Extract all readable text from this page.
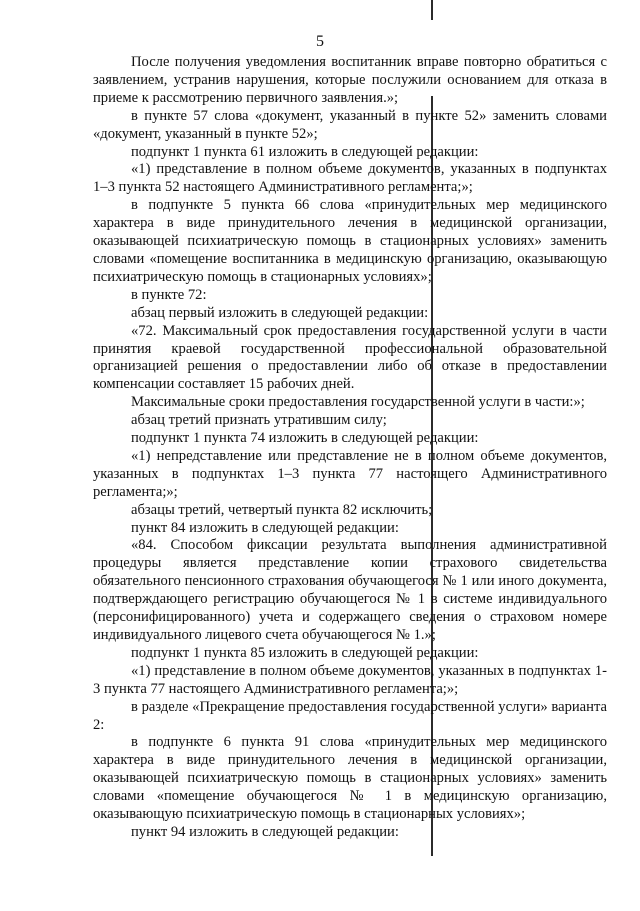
5

После получения уведомления воспитанник вправе повторно обратиться с заявлением, устранив нарушения, которые послужили основанием для отказа в приеме к рассмотрению первичного заявления.»;

в пункте 57 слова «документ, указанный в пункте 52» заменить словами «документ, указанный в пункте 52»;

подпункт 1 пункта 61 изложить в следующей редакции:

«1) представление в полном объеме документов, указанных в подпунктах 1–3 пункта 52 настоящего Административного регламента;»;

в подпункте 5 пункта 66 слова «принудительных мер медицинского характера в виде принудительного лечения в медицинской организации, оказывающей психиатрическую помощь в стационарных условиях» заменить словами «помещение воспитанника в медицинскую организацию, оказывающую психиатрическую помощь в стационарных условиях»;

в пункте 72:

абзац первый изложить в следующей редакции:

«72. Максимальный срок предоставления государственной услуги в части принятия краевой государственной профессиональной образовательной организацией решения о предоставлении либо об отказе в предоставлении компенсации составляет 15 рабочих дней.

Максимальные сроки предоставления государственной услуги в части:»;

абзац третий признать утратившим силу;

подпункт 1 пункта 74 изложить в следующей редакции:

«1) непредставление или представление не в полном объеме документов, указанных в подпунктах 1–3 пункта 77 настоящего Административного регламента;»;

абзацы третий, четвертый пункта 82 исключить;

пункт 84 изложить в следующей редакции:

«84. Способом фиксации результата выполнения административной процедуры является представление копии страхового свидетельства обязательного пенсионного страхования обучающегося № 1 или иного документа, подтверждающего регистрацию обучающегося № 1 в системе индивидуального (персонифицированного) учета и содержащего сведения о страховом номере индивидуального лицевого счета обучающегося № 1.»;

подпункт 1 пункта 85 изложить в следующей редакции:

«1) представление в полном объеме документов, указанных в подпунктах 1-3 пункта 77 настоящего Административного регламента;»;

в разделе «Прекращение предоставления государственной услуги» варианта 2:

в подпункте 6 пункта 91 слова «принудительных мер медицинского характера в виде принудительного лечения в медицинской организации, оказывающей психиатрическую помощь в стационарных условиях» заменить словами «помещение обучающегося № 1 в медицинскую организацию, оказывающую психиатрическую помощь в стационарных условиях»;

пункт 94 изложить в следующей редакции:
